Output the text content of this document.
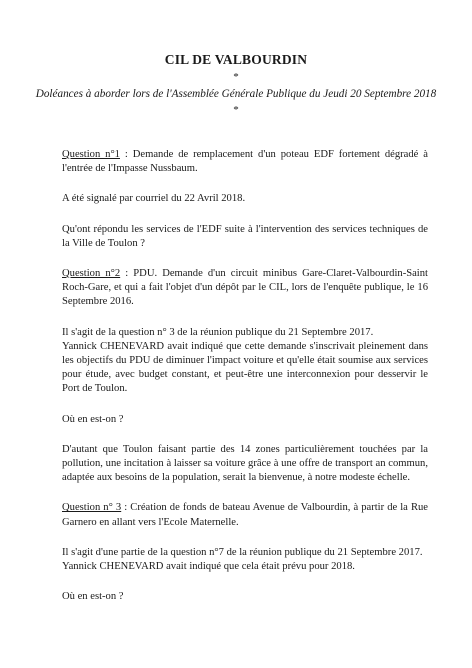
CIL DE VALBOURDIN
*
Doléances à aborder lors de l'Assemblée Générale Publique du Jeudi 20 Septembre 2018
*

Question n°1 : Demande de remplacement d'un poteau EDF fortement dégradé à l'entrée de l'Impasse Nussbaum.

A été signalé par courriel du 22 Avril 2018.

Qu'ont répondu les services de l'EDF suite à l'intervention des services techniques de la Ville de Toulon ?

Question n°2 : PDU. Demande d'un circuit minibus Gare-Claret-Valbourdin-Saint Roch-Gare, et qui a fait l'objet d'un dépôt par le CIL, lors de l'enquête publique, le 16 Septembre 2016.

Il s'agit de la question n° 3 de la réunion publique du 21 Septembre 2017.

Yannick CHENEVARD avait indiqué que cette demande s'inscrivait pleinement dans les objectifs du PDU de diminuer l'impact voiture et qu'elle était soumise aux services pour étude, avec budget constant, et peut-être une interconnexion pour desservir le Port de Toulon.

Où en est-on ?

D'autant que Toulon faisant partie des 14 zones particulièrement touchées par la pollution, une incitation à laisser sa voiture grâce à une offre de transport an commun, adaptée aux besoins de la population, serait la bienvenue, à notre modeste échelle.

Question n° 3 : Création de fonds de bateau Avenue de Valbourdin, à partir de la Rue Garnero en allant vers l'Ecole Maternelle.

Il s'agit d'une partie de la question n°7 de la réunion publique du 21 Septembre 2017.

Yannick CHENEVARD avait indiqué que cela était prévu pour 2018.

Où en est-on ?
